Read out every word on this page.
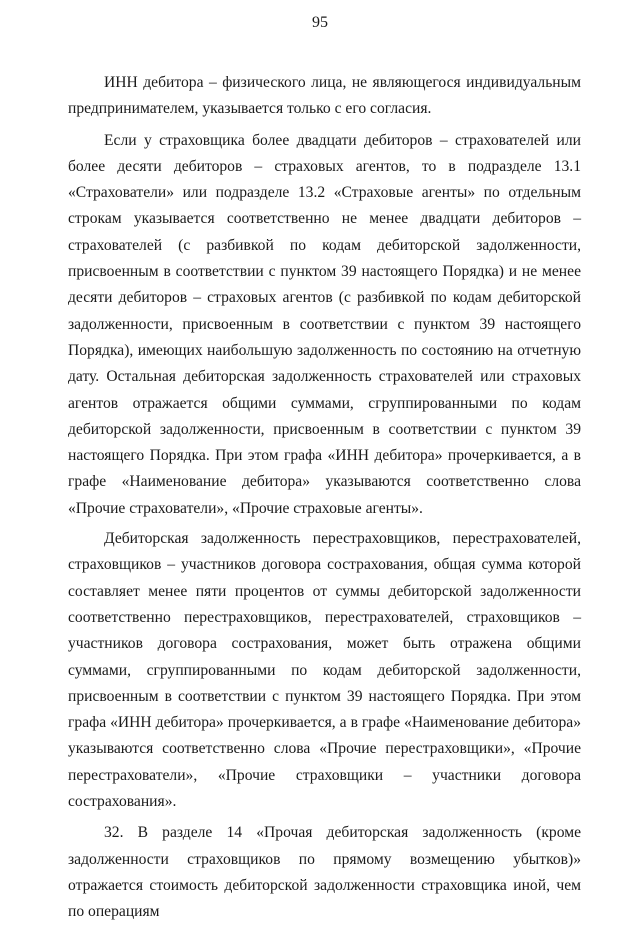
95

ИНН дебитора – физического лица, не являющегося индивидуальным предпринимателем, указывается только с его согласия.

Если у страховщика более двадцати дебиторов – страхователей или более десяти дебиторов – страховых агентов, то в подразделе 13.1 «Страхователи» или подразделе 13.2 «Страховые агенты» по отдельным строкам указывается соответственно не менее двадцати дебиторов – страхователей (с разбивкой по кодам дебиторской задолженности, присвоенным в соответствии с пунктом 39 настоящего Порядка) и не менее десяти дебиторов – страховых агентов (с разбивкой по кодам дебиторской задолженности, присвоенным в соответствии с пунктом 39 настоящего Порядка), имеющих наибольшую задолженность по состоянию на отчетную дату. Остальная дебиторская задолженность страхователей или страховых агентов отражается общими суммами, сгруппированными по кодам дебиторской задолженности, присвоенным в соответствии с пунктом 39 настоящего Порядка. При этом графа «ИНН дебитора» прочеркивается, а в графе «Наименование дебитора» указываются соответственно слова «Прочие страхователи», «Прочие страховые агенты».

Дебиторская задолженность перестраховщиков, перестрахователей, страховщиков – участников договора сострахования, общая сумма которой составляет менее пяти процентов от суммы дебиторской задолженности соответственно перестраховщиков, перестрахователей, страховщиков – участников договора сострахования, может быть отражена общими суммами, сгруппированными по кодам дебиторской задолженности, присвоенным в соответствии с пунктом 39 настоящего Порядка. При этом графа «ИНН дебитора» прочеркивается, а в графе «Наименование дебитора» указываются соответственно слова «Прочие перестраховщики», «Прочие перестрахователи», «Прочие страховщики – участники договора сострахования».

32. В разделе 14 «Прочая дебиторская задолженность (кроме задолженности страховщиков по прямому возмещению убытков)» отражается стоимость дебиторской задолженности страховщика иной, чем по операциям
